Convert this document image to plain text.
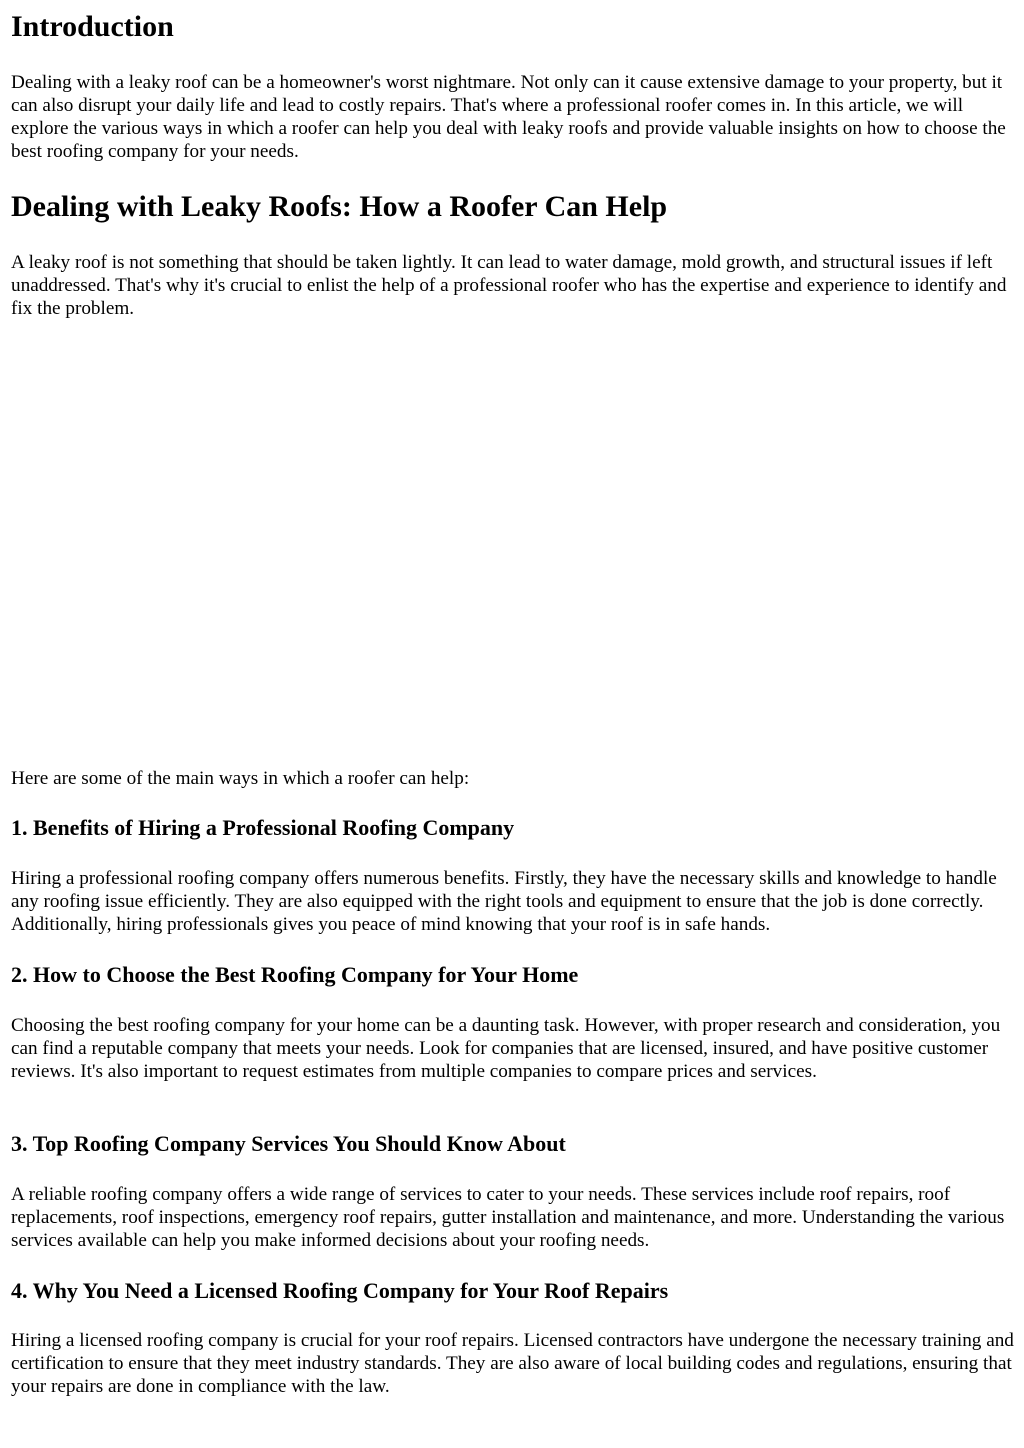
Introduction

Dealing with a leaky roof can be a homeowner's worst nightmare. Not only can it cause extensive damage to your property, but it can also disrupt your daily life and lead to costly repairs. That's where a professional roofer comes in. In this article, we will explore the various ways in which a roofer can help you deal with leaky roofs and provide valuable insights on how to choose the best roofing company for your needs.

Dealing with Leaky Roofs: How a Roofer Can Help

A leaky roof is not something that should be taken lightly. It can lead to water damage, mold growth, and structural issues if left unaddressed. That's why it's crucial to enlist the help of a professional roofer who has the expertise and experience to identify and fix the problem.

Here are some of the main ways in which a roofer can help:

1. Benefits of Hiring a Professional Roofing Company

Hiring a professional roofing company offers numerous benefits. Firstly, they have the necessary skills and knowledge to handle any roofing issue efficiently. They are also equipped with the right tools and equipment to ensure that the job is done correctly. Additionally, hiring professionals gives you peace of mind knowing that your roof is in safe hands.

2. How to Choose the Best Roofing Company for Your Home

Choosing the best roofing company for your home can be a daunting task. However, with proper research and consideration, you can find a reputable company that meets your needs. Look for companies that are licensed, insured, and have positive customer reviews. It's also important to request estimates from multiple companies to compare prices and services.

3. Top Roofing Company Services You Should Know About

A reliable roofing company offers a wide range of services to cater to your needs. These services include roof repairs, roof replacements, roof inspections, emergency roof repairs, gutter installation and maintenance, and more. Understanding the various services available can help you make informed decisions about your roofing needs.

4. Why You Need a Licensed Roofing Company for Your Roof Repairs

Hiring a licensed roofing company is crucial for your roof repairs. Licensed contractors have undergone the necessary training and certification to ensure that they meet industry standards. They are also aware of local building codes and regulations, ensuring that your repairs are done in compliance with the law.
